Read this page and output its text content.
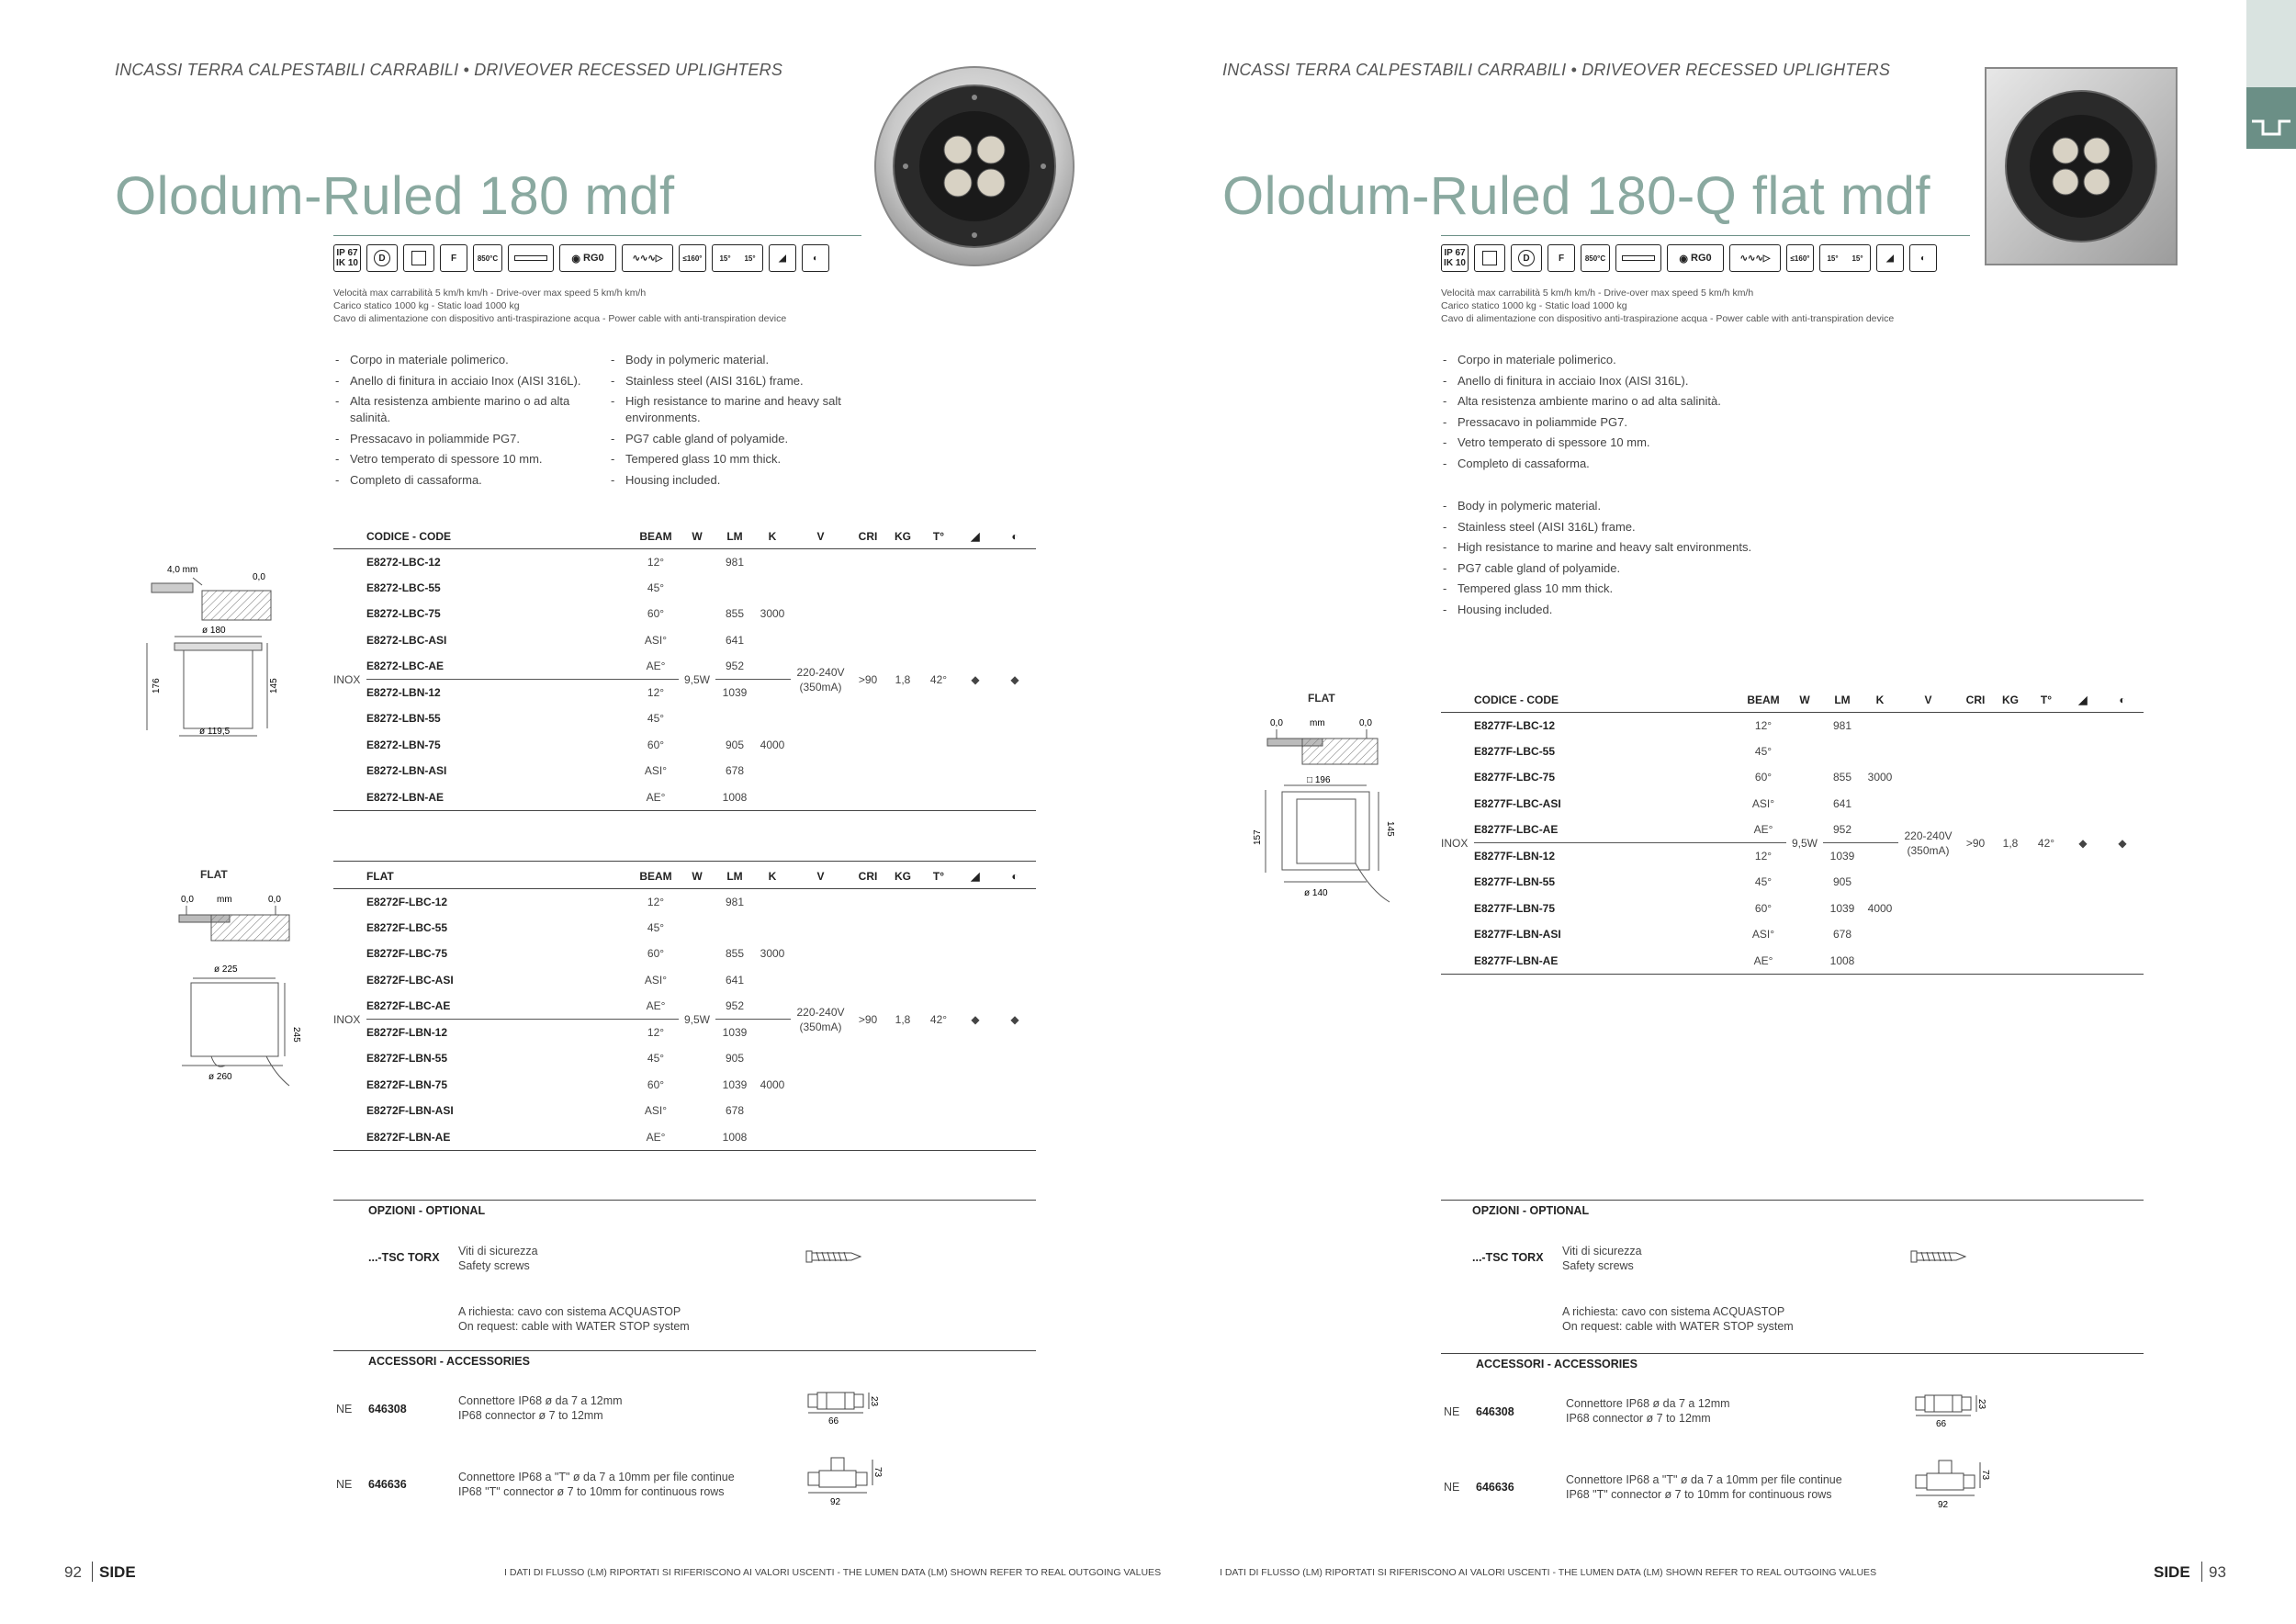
INCASSI TERRA CALPESTABILI CARRABILI • DRIVEOVER RECESSED UPLIGHTERS
Olodum-Ruled 180 mdf
IP 67
IK 10	D	F	850°C	◉ RG0	∿∿∿▷	≤160° 15° 15°	◢	◐
Velocità max carrabilità 5 km/h km/h - Drive-over max speed 5 km/h km/h
Carico statico 1000 kg - Static load 1000 kg
Cavo di alimentazione con dispositivo anti-traspirazione acqua - Power cable with anti-transpiration device
- Corpo in materiale polimerico.
- Anello di finitura in acciaio Inox (AISI 316L).
- Alta resistenza ambiente marino o ad alta salinità.
- Pressacavo in poliammide PG7.
- Vetro temperato di spessore 10 mm.
- Completo di cassaforma.
- Body in polymeric material.
- Stainless steel (AISI 316L) frame.
- High resistance to marine and heavy salt environments.
- PG7 cable gland of polyamide.
- Tempered glass 10 mm thick.
- Housing included.
4,0 mm
0,0
ø 180
145
176
ø 119,5
FLAT
0,0	mm	0,0
ø 225
245
ø 260
	CODICE - CODE	BEAM	W	LM	K	V	CRI	KG	T°	◢	◐
INOX	E8272-LBC-12	12°	9,5W	981		220-240V (350mA)	>90	1,8	42°	◆	◆
	E8272-LBC-55	45°									
	E8272-LBC-75	60°		855	3000						
	E8272-LBC-ASI	ASI°		641							
	E8272-LBC-AE	AE°		952							
	E8272-LBN-12	12°		1039							
	E8272-LBN-55	45°									
	E8272-LBN-75	60°		905	4000						
	E8272-LBN-ASI	ASI°		678							
	E8272-LBN-AE	AE°		1008							
	FLAT	BEAM	W	LM	K	V	CRI	KG	T°	◢	◐
INOX	E8272F-LBC-12	12°	9,5W	981		220-240V (350mA)	>90	1,8	42°	◆	◆
	E8272F-LBC-55	45°									
	E8272F-LBC-75	60°		855	3000						
	E8272F-LBC-ASI	ASI°		641							
	E8272F-LBC-AE	AE°		952							
	E8272F-LBN-12	12°		1039							
	E8272F-LBN-55	45°		905							
	E8272F-LBN-75	60°		1039	4000						
	E8272F-LBN-ASI	ASI°		678							
	E8272F-LBN-AE	AE°		1008							
OPZIONI - OPTIONAL
...-TSC TORX Viti di sicurezza
Safety screws
A richiesta: cavo con sistema ACQUASTOP
On request: cable with WATER STOP system
ACCESSORI - ACCESSORIES
NE 646308
Connettore IP68 ø da 7 a 12mm
IP68 connector ø 7 to 12mm	66
23
NE 646636
Connettore IP68 a "T" ø da 7 a 10mm per file continue
IP68 "T" connector ø 7 to 10mm for continuous rows
92
73
92 SIDE	I DATI DI FLUSSO (LM) RIPORTATI SI RIFERISCONO AI VALORI USCENTI - THE LUMEN DATA (LM) SHOWN REFER TO REAL OUTGOING VALUES
INCASSI TERRA CALPESTABILI CARRABILI • DRIVEOVER RECESSED UPLIGHTERS
Olodum-Ruled 180-Q flat mdf
IP 67
IK 10	D	F	850°C	◉ RG0	∿∿∿▷	≤160° 15° 15°	◢	◐
Velocità max carrabilità 5 km/h km/h - Drive-over max speed 5 km/h km/h
Carico statico 1000 kg - Static load 1000 kg
Cavo di alimentazione con dispositivo anti-traspirazione acqua - Power cable with anti-transpiration device
- Corpo in materiale polimerico.
- Anello di finitura in acciaio Inox (AISI 316L).
- Alta resistenza ambiente marino o ad alta salinità.
- Pressacavo in poliammide PG7.
- Vetro temperato di spessore 10 mm.
- Completo di cassaforma.
- Body in polymeric material.
- Stainless steel (AISI 316L) frame.
- High resistance to marine and heavy salt environments.
- PG7 cable gland of polyamide.
- Tempered glass 10 mm thick.
- Housing included.
FLAT
0,0	mm	0,0
□ 196
145
157
ø 140
	CODICE - CODE	BEAM	W	LM	K	V	CRI	KG	T°	◢	◐
INOX	E8277F-LBC-12	12°	9,5W	981		220-240V (350mA)	>90	1,8	42°	◆	◆
	E8277F-LBC-55	45°									
	E8277F-LBC-75	60°		855	3000						
	E8277F-LBC-ASI	ASI°		641							
	E8277F-LBC-AE	AE°		952							
	E8277F-LBN-12	12°		1039							
	E8277F-LBN-55	45°		905							
	E8277F-LBN-75	60°		1039	4000						
	E8277F-LBN-ASI	ASI°		678							
	E8277F-LBN-AE	AE°		1008							
OPZIONI - OPTIONAL
...-TSC TORX Viti di sicurezza
Safety screws
A richiesta: cavo con sistema ACQUASTOP
On request: cable with WATER STOP system
ACCESSORI - ACCESSORIES
NE 646308
Connettore IP68 ø da 7 a 12mm
IP68 connector ø 7 to 12mm	66
23
NE 646636
Connettore IP68 a "T" ø da 7 a 10mm per file continue
IP68 "T" connector ø 7 to 10mm for continuous rows
92
73
I DATI DI FLUSSO (LM) RIPORTATI SI RIFERISCONO AI VALORI USCENTI - THE LUMEN DATA (LM) SHOWN REFER TO REAL OUTGOING VALUES	SIDE 93
